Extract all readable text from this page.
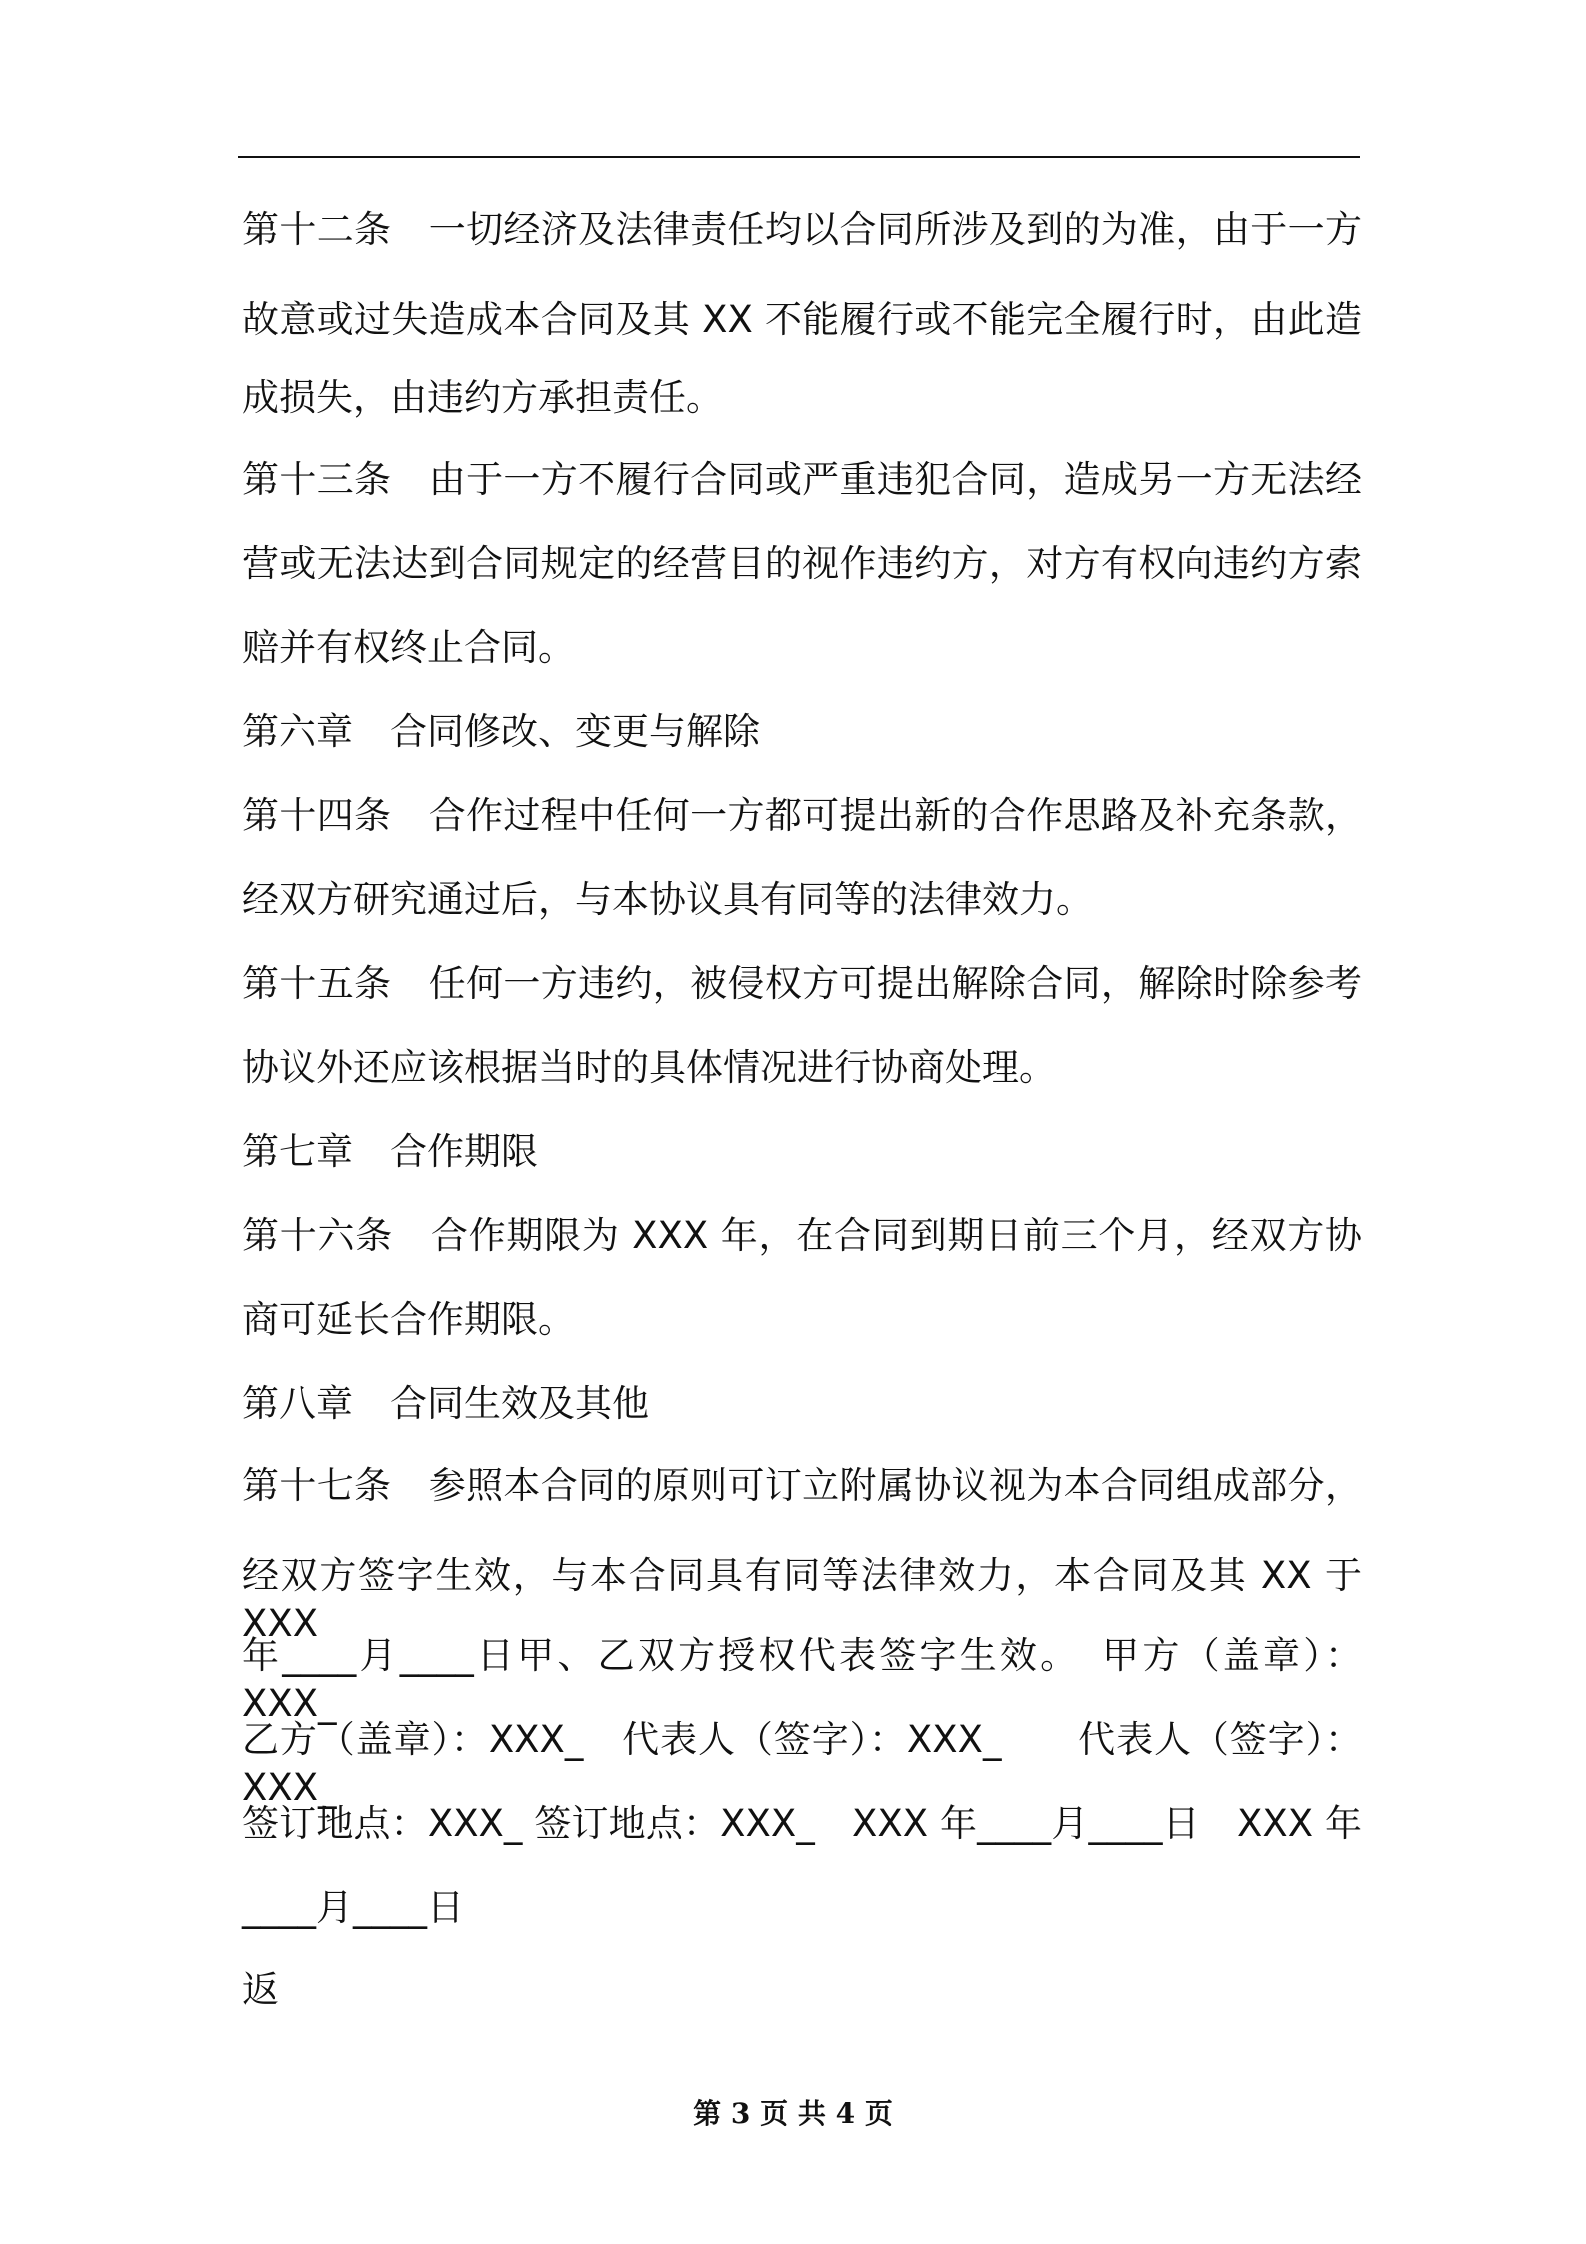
第十二条　一切经济及法律责任均以合同所涉及到的为准，由于一方
故意或过失造成本合同及其 XX 不能履行或不能完全履行时，由此造
成损失，由违约方承担责任。
第十三条　由于一方不履行合同或严重违犯合同，造成另一方无法经
营或无法达到合同规定的经营目的视作违约方，对方有权向违约方索
赔并有权终止合同。
第六章　合同修改、变更与解除
第十四条　合作过程中任何一方都可提出新的合作思路及补充条款，
经双方研究通过后，与本协议具有同等的法律效力。
第十五条　任何一方违约，被侵权方可提出解除合同，解除时除参考
协议外还应该根据当时的具体情况进行协商处理。
第七章　合作期限
第十六条　合作期限为 XXX 年，在合同到期日前三个月，经双方协
商可延长合作期限。
第八章　合同生效及其他
第十七条　参照本合同的原则可订立附属协议视为本合同组成部分，
经双方签字生效，与本合同具有同等法律效力，本合同及其 XX 于 XXX
年____月____日甲、乙双方授权代表签字生效。　甲方（盖章）：XXX_
乙方（盖章）：XXX_　代表人（签字）：XXX_　　代表人（签字）：XXX_
签订地点：XXX_ 签订地点：XXX_　XXX 年____月____日　XXX 年
____月____日
返
第 3 页 共 4 页
